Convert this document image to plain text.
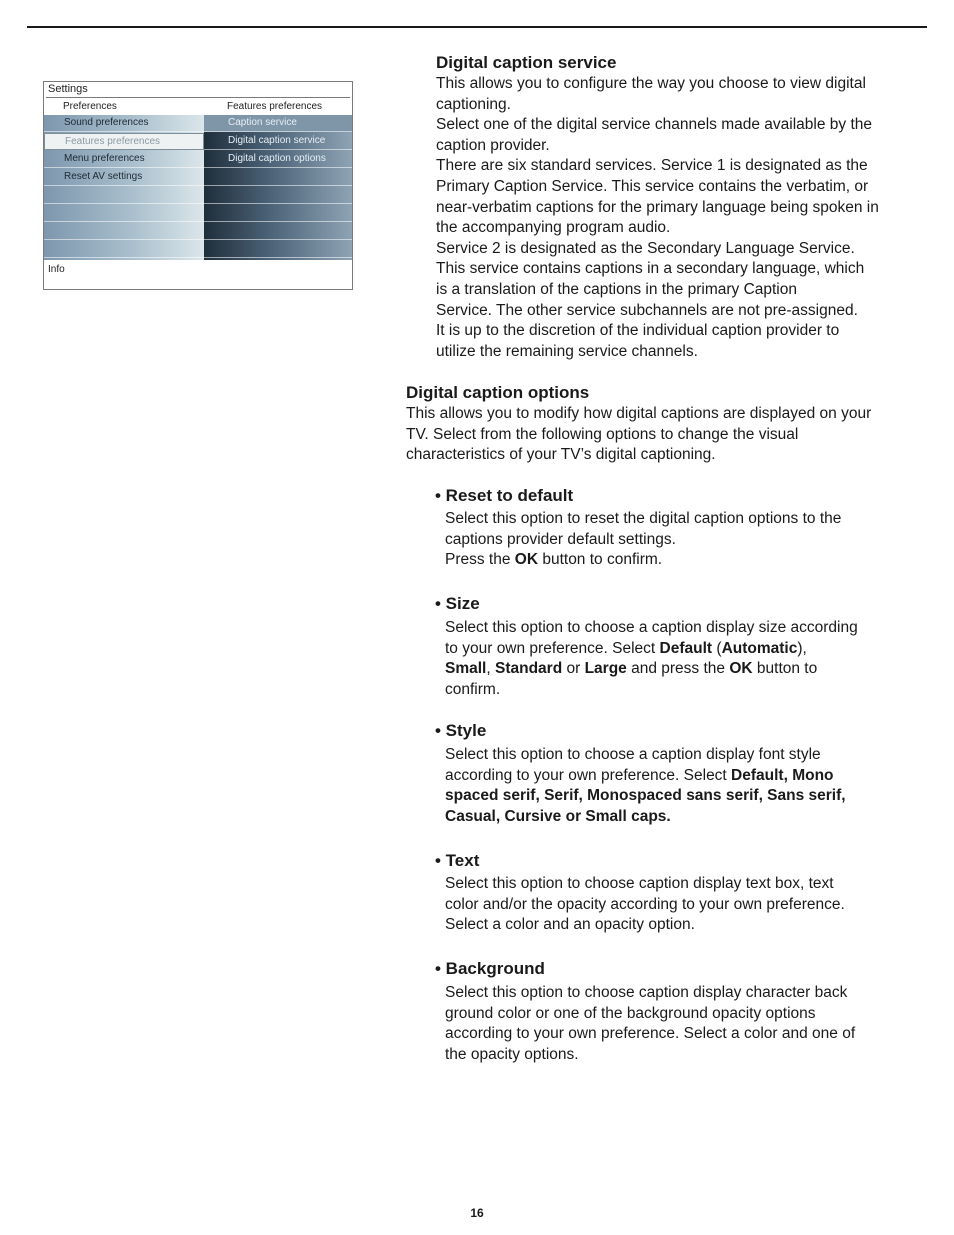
Settings
Preferences	Features preferences
Sound preferences
Features preferences
Menu preferences
Reset AV settings
Caption service
Digital caption service
Digital caption options
Info
Digital caption service
This allows you to configure the way you choose to view digital
captioning.
Select one of the digital service channels made available by the
caption provider.
There are six standard services. Service 1 is designated as the
Primary Caption Service. This service contains the verbatim, or
near-verbatim captions for the primary language being spoken in
the accompanying program audio.
Service 2 is designated as the Secondary Language Service.
This service contains captions in a secondary language, which
is a translation of the captions in the primary Caption
Service. The other service subchannels are not pre-assigned.
It is up to the discretion of the individual caption provider to
utilize the remaining service channels.
Digital caption options
This allows you to modify how digital captions are displayed on your
TV. Select from the following options to change the visual
characteristics of your TV’s digital captioning.
• Reset to default
Select this option to reset the digital caption options to the
captions provider default settings.
Press the OK button to confirm.
• Size
Select this option to choose a caption display size according
to your own preference. Select Default (Automatic),
Small, Standard or Large and press the OK button to
confirm.
• Style
Select this option to choose a caption display font style
according to your own preference. Select Default, Mono
spaced serif, Serif, Monospaced sans serif, Sans serif,
Casual, Cursive or Small caps.
• Text
Select this option to choose caption display text box, text
color and/or the opacity according to your own preference.
Select a color and an opacity option.
• Background
Select this option to choose caption display character back
ground color or one of the background opacity options
according to your own preference. Select a color and one of
the opacity options.
16
